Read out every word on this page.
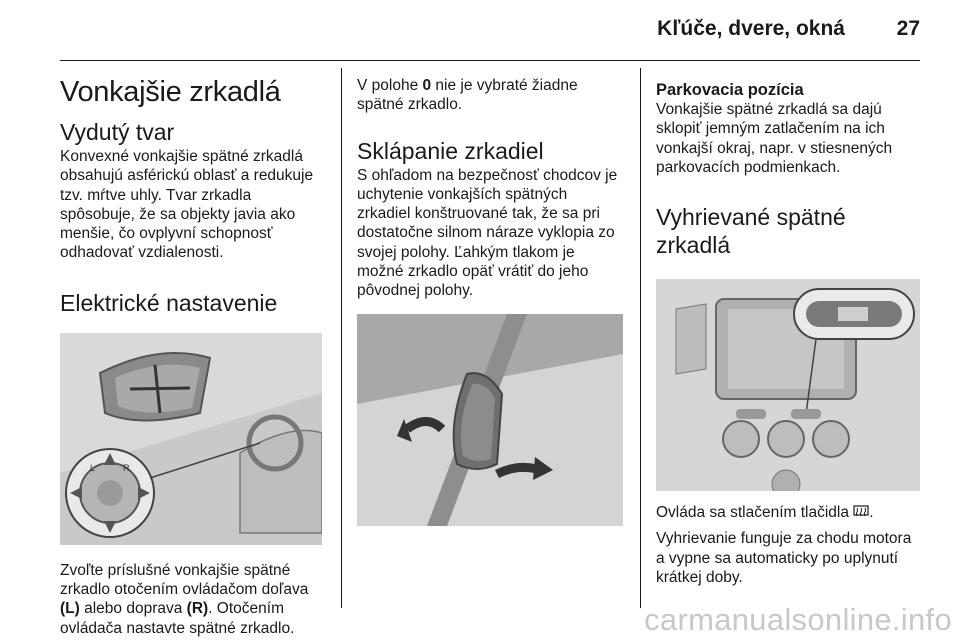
Kľúče, dvere, okná 27
Vonkajšie zrkadlá
Vydutý tvar

Konvexné vonkajšie spätné zrkadlá obsahujú asférickú oblasť a redukuje tzv. mŕtve uhly. Tvar zrkadla spôsobuje, že sa objekty javia ako menšie, čo ovplyvní schopnosť odhadovať vzdialenosti.

Elektrické nastavenie
L	R

Zvoľte príslušné vonkajšie spätné zrkadlo otočením ovládačom doľava (L) alebo doprava (R). Otočením ovládača nastavte spätné zrkadlo.

V polohe 0 nie je vybraté žiadne spätné zrkadlo.

Sklápanie zrkadiel

S ohľadom na bezpečnosť chodcov je uchytenie vonkajších spätných zrkadiel konštruované tak, že sa pri dostatočne silnom náraze vyklopia zo svojej polohy. Ľahkým tlakom je možné zrkadlo opäť vrátiť do jeho pôvodnej polohy.

Parkovacia pozícia

Vonkajšie spätné zrkadlá sa dajú sklopiť jemným zatlačením na ich vonkajší okraj, napr. v stiesnených parkovacích podmienkach.

Vyhrievané spätné zrkadlá

Ovláda sa stlačením tlačidla .

Vyhrievanie funguje za chodu motora a vypne sa automaticky po uplynutí krátkej doby.

carmanualsonline.info
